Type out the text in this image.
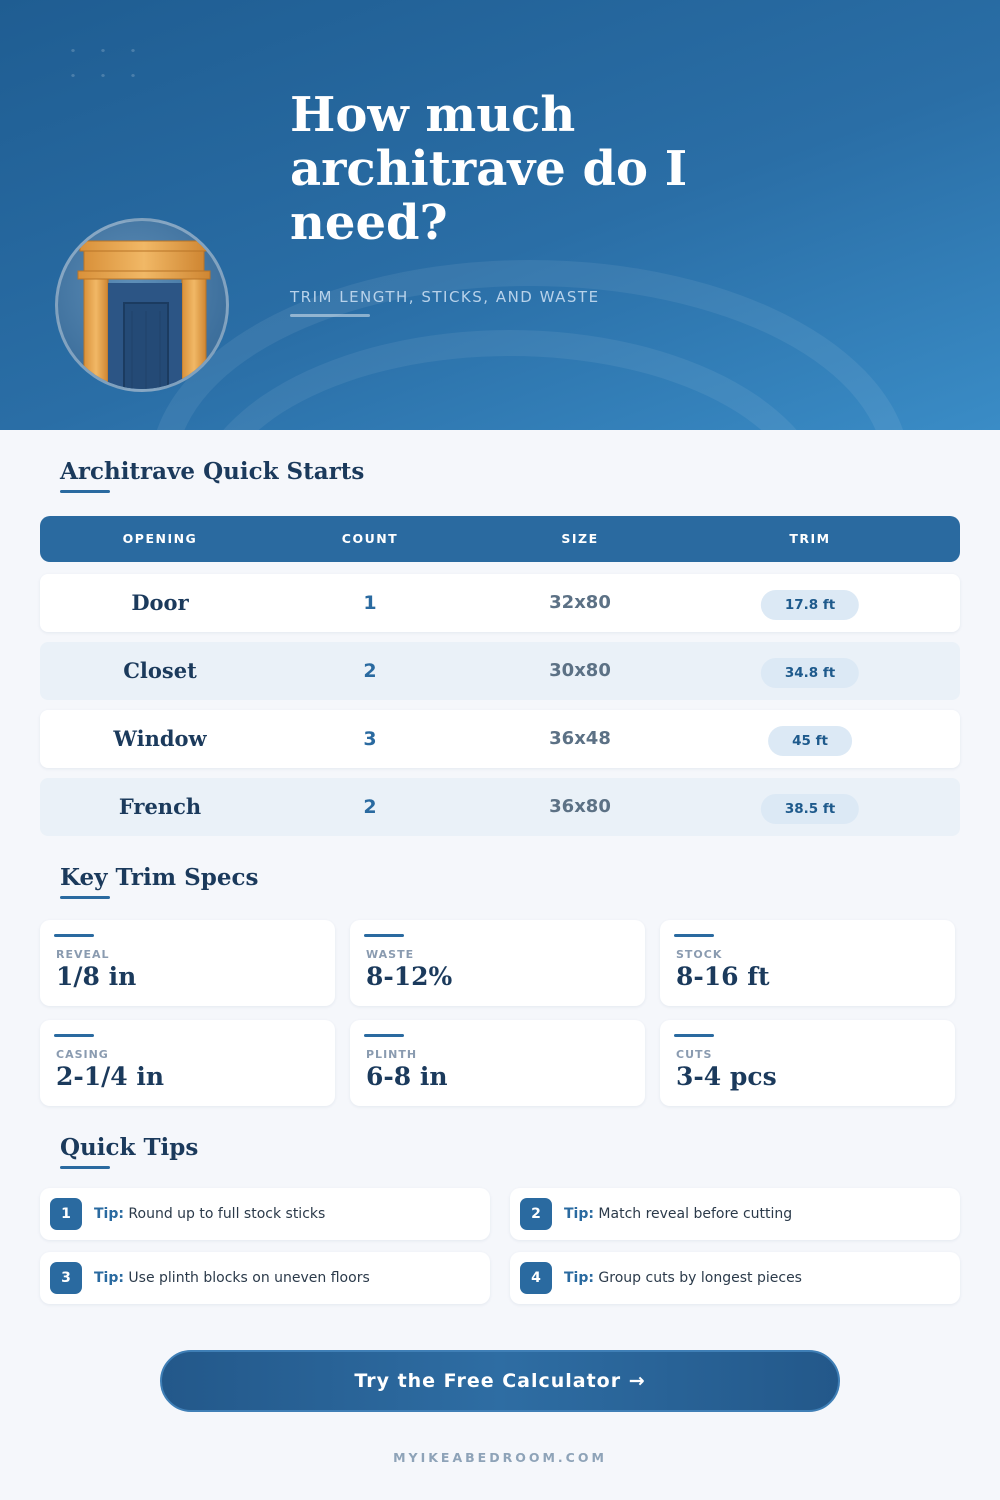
How much architrave do I need?
TRIM LENGTH, STICKS, AND WASTE
Architrave Quick Starts
OPENING	COUNT	SIZE	TRIM
Door	1	32x80	17.8 ft
Closet	2	30x80	34.8 ft
Window	3	36x48	45 ft
French	2	36x80	38.5 ft
Key Trim Specs
REVEAL
1/8 in
WASTE
8-12%
STOCK
8-16 ft
CASING
2-1/4 in
PLINTH
6-8 in
CUTS
3-4 pcs
Quick Tips
1	Tip: Round up to full stock sticks	2	Tip: Match reveal before cutting
3	Tip: Use plinth blocks on uneven floors	4	Tip: Group cuts by longest pieces
Try the Free Calculator →
MYIKEABEDROOM.COM
